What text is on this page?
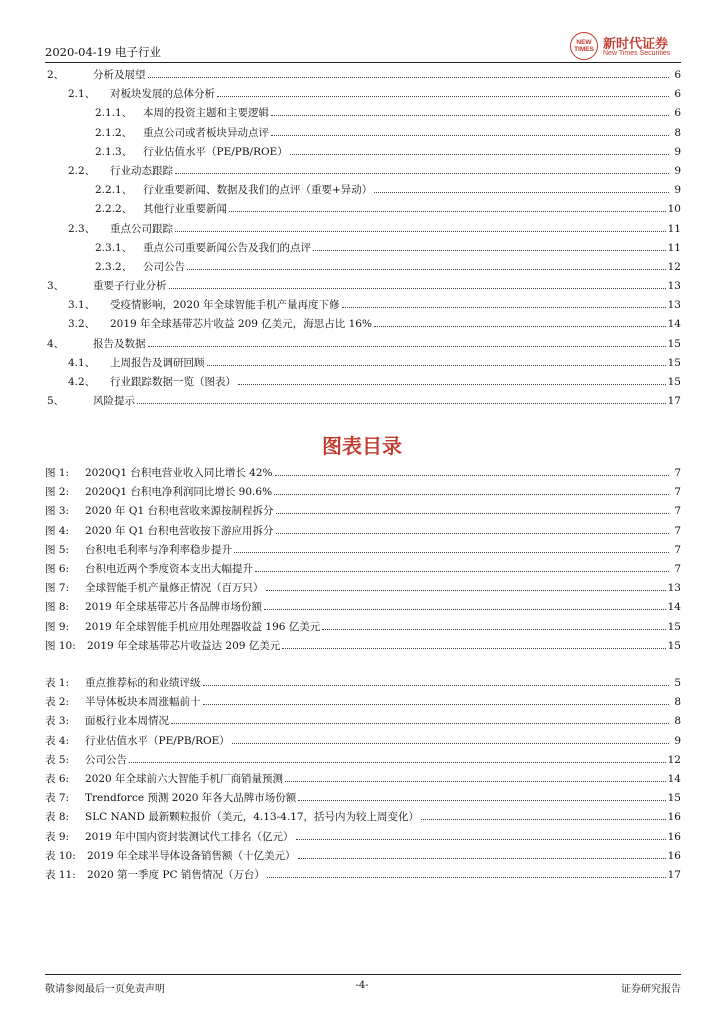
2020-04-19 电子行业
NEW TIMES 新时代证券
New Times Securities
2、	分析及展望	6
2.1、 对板块发展的总体分析	6
2.1.1、 本周的投资主题和主要逻辑	6
2.1.2、 重点公司或者板块异动点评	8
2.1.3、 行业估值水平（PE/PB/ROE）	9
2.2、 行业动态跟踪	9
2.2.1、 行业重要新闻、数据及我们的点评（重要+异动）	9
2.2.2、 其他行业重要新闻	10
2.3、 重点公司跟踪	11
2.3.1、 重点公司重要新闻公告及我们的点评	11
2.3.2、 公司公告	12
3、	重要子行业分析	13
3.1、 受疫情影响，2020 年全球智能手机产量再度下修	13
3.2、 2019 年全球基带芯片收益 209 亿美元，海思占比 16%	14
4、	报告及数据	15
4.1、 上周报告及调研回顾	15
4.2、 行业跟踪数据一览（图表）	15
5、	风险提示	17
图表目录
图 1:	2020Q1 台积电营业收入同比增长 42%	7
图 2:	2020Q1 台积电净利润同比增长 90.6%	7
图 3:	2020 年 Q1 台积电营收来源按制程拆分	7
图 4:	2020 年 Q1 台积电营收按下游应用拆分	7
图 5:	台积电毛利率与净利率稳步提升	7
图 6:	台积电近两个季度资本支出大幅提升	7
图 7:	全球智能手机产量修正情况（百万只）	13
图 8:	2019 年全球基带芯片各品牌市场份额	14
图 9:	2019 年全球智能手机应用处理器收益 196 亿美元	15
图 10:	2019 年全球基带芯片收益达 209 亿美元	15
表 1:	重点推荐标的和业绩评级	5
表 2:	半导体板块本周涨幅前十	8
表 3:	面板行业本周情况	8
表 4:	行业估值水平（PE/PB/ROE）	9
表 5:	公司公告	12
表 6:	2020 年全球前六大智能手机厂商销量预测	14
表 7:	Trendforce 预测 2020 年各大品牌市场份额	15
表 8:	SLC NAND 最新颗粒报价（美元，4.13-4.17，括号内为较上周变化）	16
表 9:	2019 年中国内资封装测试代工排名（亿元）	16
表 10:	2019 年全球半导体设备销售额（十亿美元）	16
表 11:	2020 第一季度 PC 销售情况（万台）	17
敬请参阅最后一页免责声明	-4-	证券研究报告
